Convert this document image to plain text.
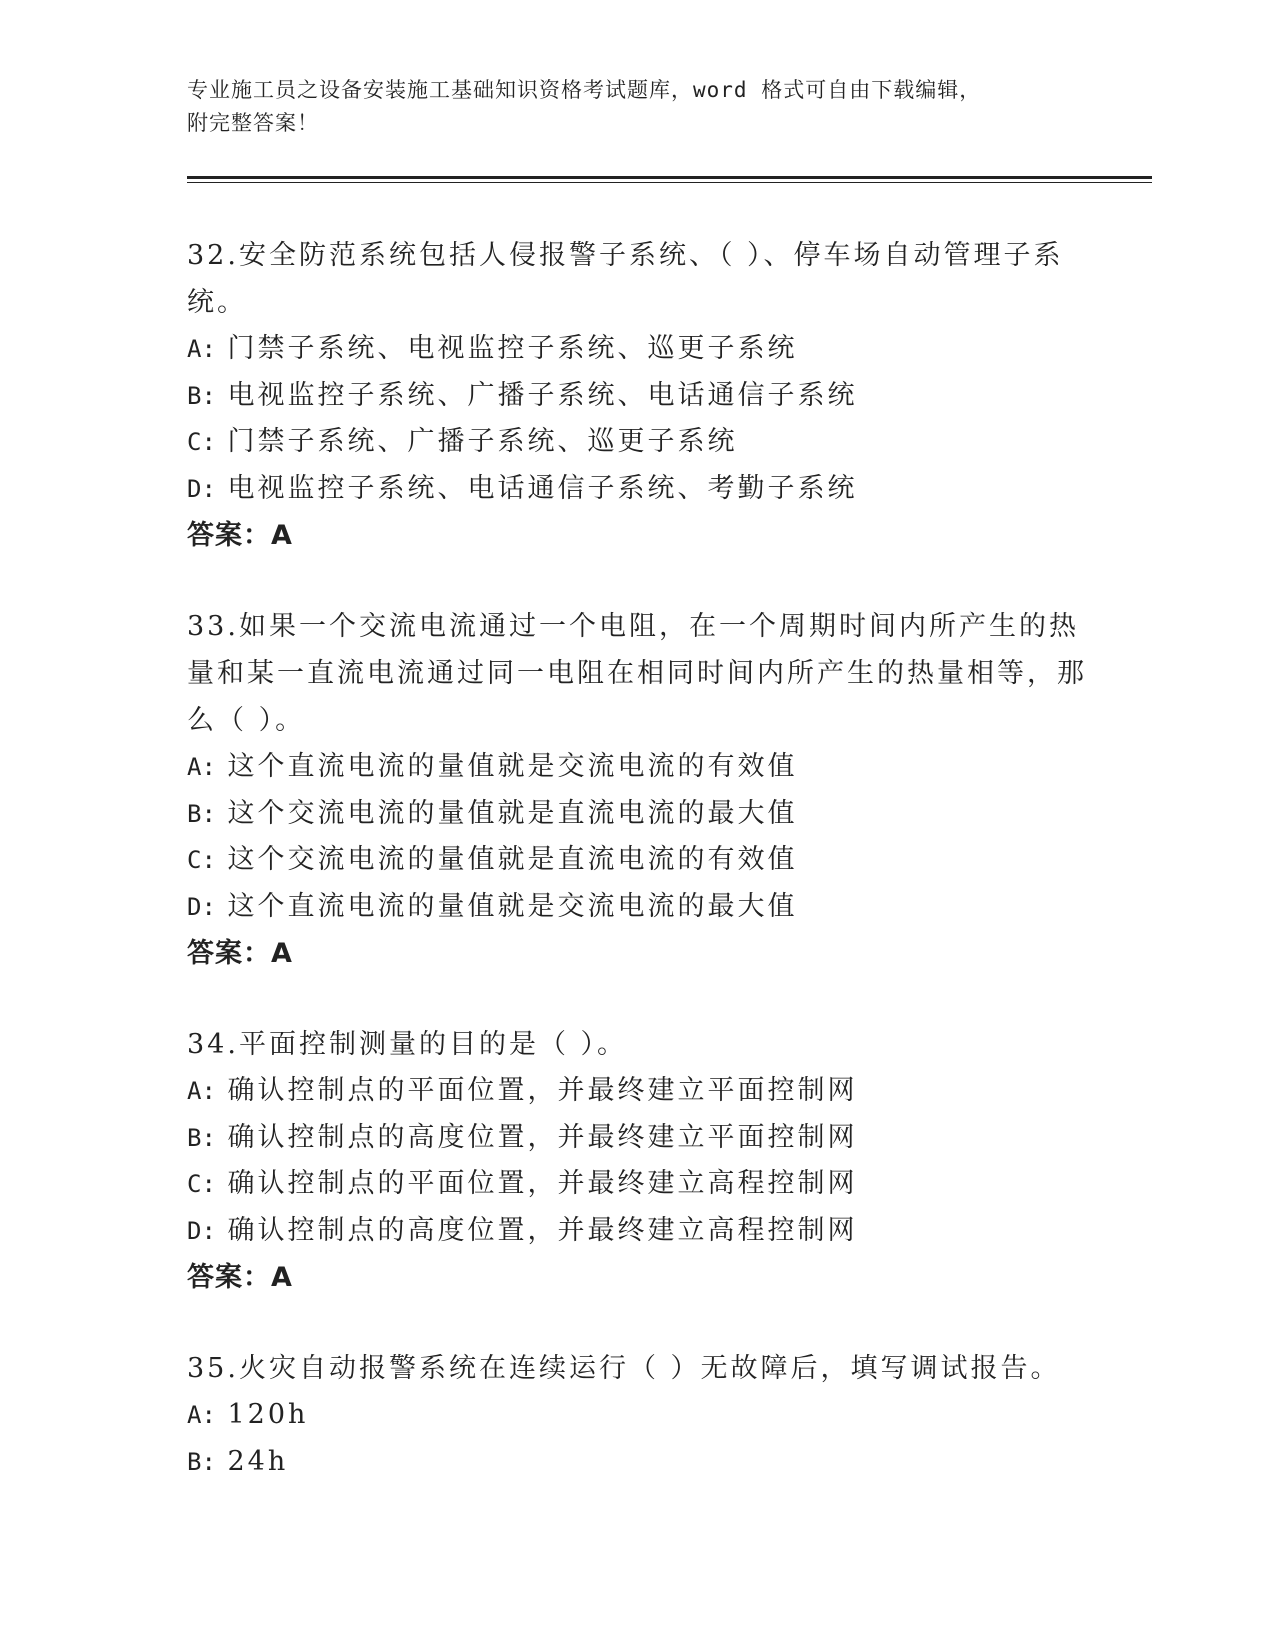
专业施工员之设备安装施工基础知识资格考试题库，word 格式可自由下载编辑，
附完整答案！

32.安全防范系统包括人侵报警子系统、（ ）、停车场自动管理子系统。

A: 门禁子系统、电视监控子系统、巡更子系统
B: 电视监控子系统、广播子系统、电话通信子系统
C: 门禁子系统、广播子系统、巡更子系统
D: 电视监控子系统、电话通信子系统、考勤子系统
答案：A

33.如果一个交流电流通过一个电阻，在一个周期时间内所产生的热量和某一直流电流通过同一电阻在相同时间内所产生的热量相等，那么（ ）。

A: 这个直流电流的量值就是交流电流的有效值
B: 这个交流电流的量值就是直流电流的最大值
C: 这个交流电流的量值就是直流电流的有效值
D: 这个直流电流的量值就是交流电流的最大值
答案：A

34.平面控制测量的目的是（ ）。

A: 确认控制点的平面位置，并最终建立平面控制网
B: 确认控制点的高度位置，并最终建立平面控制网
C: 确认控制点的平面位置，并最终建立高程控制网
D: 确认控制点的高度位置，并最终建立高程控制网
答案：A

35.火灾自动报警系统在连续运行（ ）无故障后，填写调试报告。

A: 120h
B: 24h
